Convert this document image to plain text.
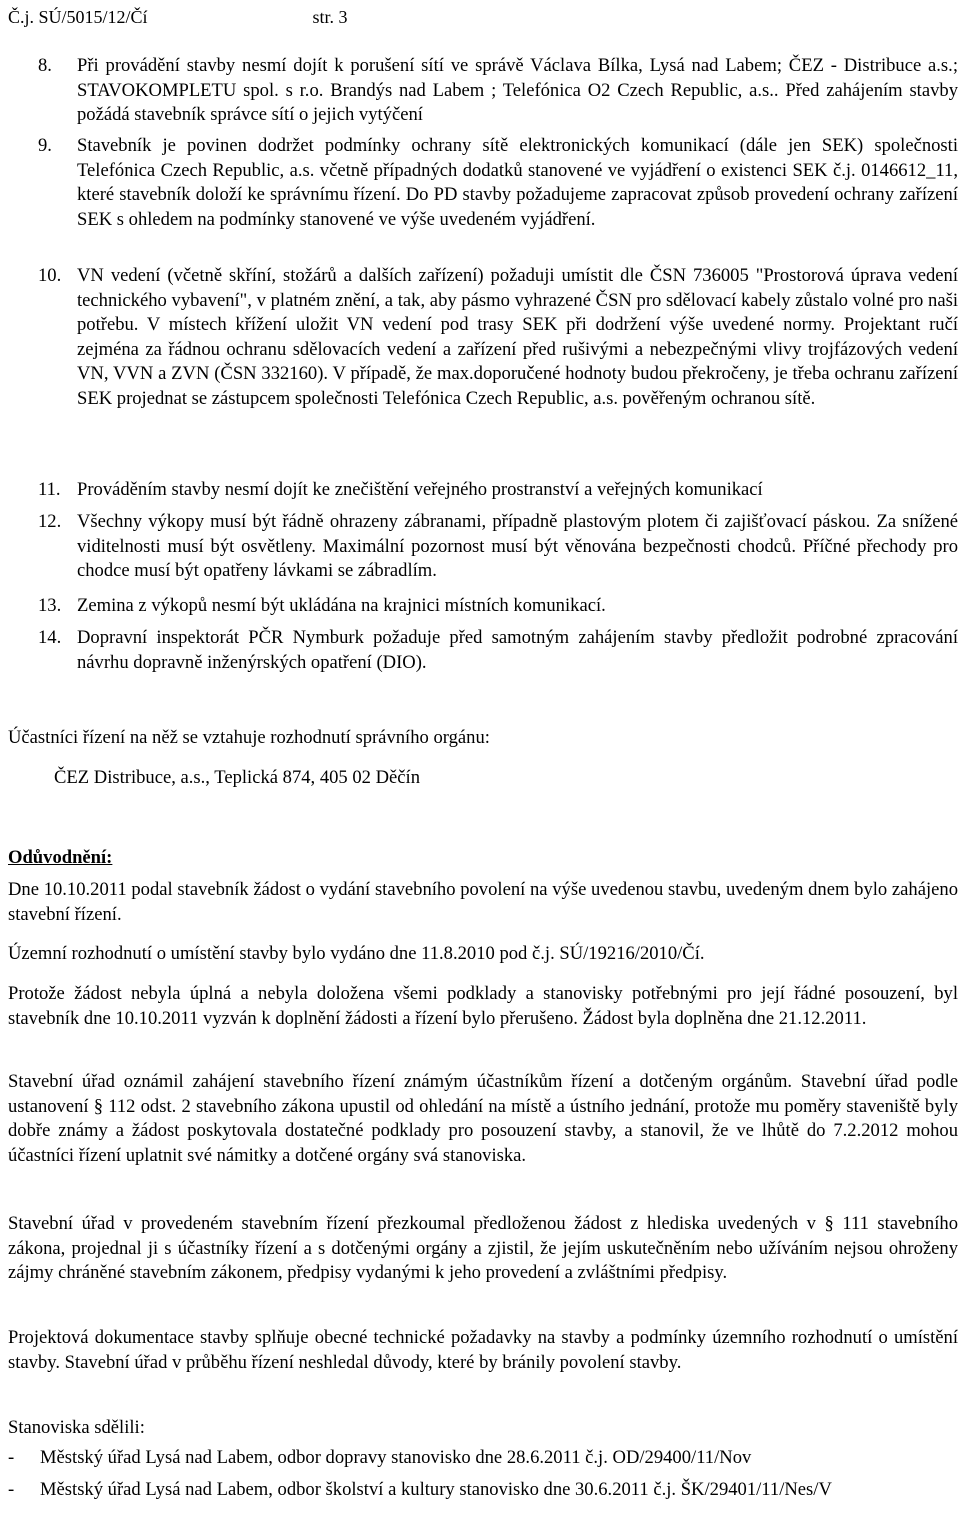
Č.j. SÚ/5015/12/Čí	str. 3
8. Při provádění stavby nesmí dojít k porušení sítí ve správě Václava Bílka, Lysá nad Labem; ČEZ - Distribuce a.s.; STAVOKOMPLETU spol. s r.o. Brandýs nad Labem ; Telefónica O2 Czech Republic, a.s.. Před zahájením stavby požádá stavebník správce sítí o jejich vytýčení
9. Stavebník je povinen dodržet podmínky ochrany sítě elektronických komunikací (dále jen SEK) společnosti Telefónica Czech Republic, a.s. včetně případných dodatků stanovené ve vyjádření o existenci SEK č.j. 0146612_11, které stavebník doloží ke správnímu řízení. Do PD stavby požadujeme zapracovat způsob provedení ochrany zařízení SEK s ohledem na podmínky stanovené ve výše uvedeném vyjádření.
10. VN vedení (včetně skříní, stožárů a dalších zařízení) požaduji umístit dle ČSN 736005 "Prostorová úprava vedení technického vybavení", v platném znění, a tak, aby pásmo vyhrazené ČSN pro sdělovací kabely zůstalo volné pro naši potřebu. V místech křížení uložit VN vedení pod trasy SEK při dodržení výše uvedené normy. Projektant ručí zejména za řádnou ochranu sdělovacích vedení a zařízení před rušivými a nebezpečnými vlivy trojfázových vedení VN, VVN a ZVN (ČSN 332160). V případě, že max.doporučené hodnoty budou překročeny, je třeba ochranu zařízení SEK projednat se zástupcem společnosti Telefónica Czech Republic, a.s. pověřeným ochranou sítě.
11. Prováděním stavby nesmí dojít ke znečištění veřejného prostranství a veřejných komunikací
12. Všechny výkopy musí být řádně ohrazeny zábranami, případně plastovým plotem či zajišťovací páskou. Za snížené viditelnosti musí být osvětleny. Maximální pozornost musí být věnována bezpečnosti chodců. Příčné přechody pro chodce musí být opatřeny lávkami se zábradlím.
13. Zemina z výkopů nesmí být ukládána na krajnici místních komunikací.
14. Dopravní inspektorát PČR Nymburk požaduje před samotným zahájením stavby předložit podrobné zpracování návrhu dopravně inženýrských opatření (DIO).
Účastníci řízení na něž se vztahuje rozhodnutí správního orgánu:
ČEZ Distribuce, a.s., Teplická 874, 405 02 Děčín
Odůvodnění:
Dne 10.10.2011 podal stavebník žádost o vydání stavebního povolení na výše uvedenou stavbu, uvedeným dnem bylo zahájeno stavební řízení.
Územní rozhodnutí o umístění stavby bylo vydáno dne 11.8.2010 pod č.j. SÚ/19216/2010/Čí.
Protože žádost nebyla úplná a nebyla doložena všemi podklady a stanovisky potřebnými pro její řádné posouzení, byl stavebník dne 10.10.2011 vyzván k doplnění žádosti a řízení bylo přerušeno. Žádost byla doplněna dne 21.12.2011.
Stavební úřad oznámil zahájení stavebního řízení známým účastníkům řízení a dotčeným orgánům. Stavební úřad podle ustanovení § 112 odst. 2 stavebního zákona upustil od ohledání na místě a ústního jednání, protože mu poměry staveniště byly dobře známy a žádost poskytovala dostatečné podklady pro posouzení stavby, a stanovil, že ve lhůtě do 7.2.2012 mohou účastníci řízení uplatnit své námitky a dotčené orgány svá stanoviska.
Stavební úřad v provedeném stavebním řízení přezkoumal předloženou žádost z hlediska uvedených v § 111 stavebního zákona, projednal ji s účastníky řízení a s dotčenými orgány a zjistil, že jejím uskutečněním nebo užíváním nejsou ohroženy zájmy chráněné stavebním zákonem, předpisy vydanými k jeho provedení a zvláštními předpisy.
Projektová dokumentace stavby splňuje obecné technické požadavky na stavby a podmínky územního rozhodnutí o umístění stavby. Stavební úřad v průběhu řízení neshledal důvody, které by bránily povolení stavby.
Stanoviska sdělili:
- Městský úřad Lysá nad Labem, odbor dopravy stanovisko dne 28.6.2011 č.j. OD/29400/11/Nov
- Městský úřad Lysá nad Labem, odbor školství a kultury stanovisko dne 30.6.2011 č.j. ŠK/29401/11/Nes/V
